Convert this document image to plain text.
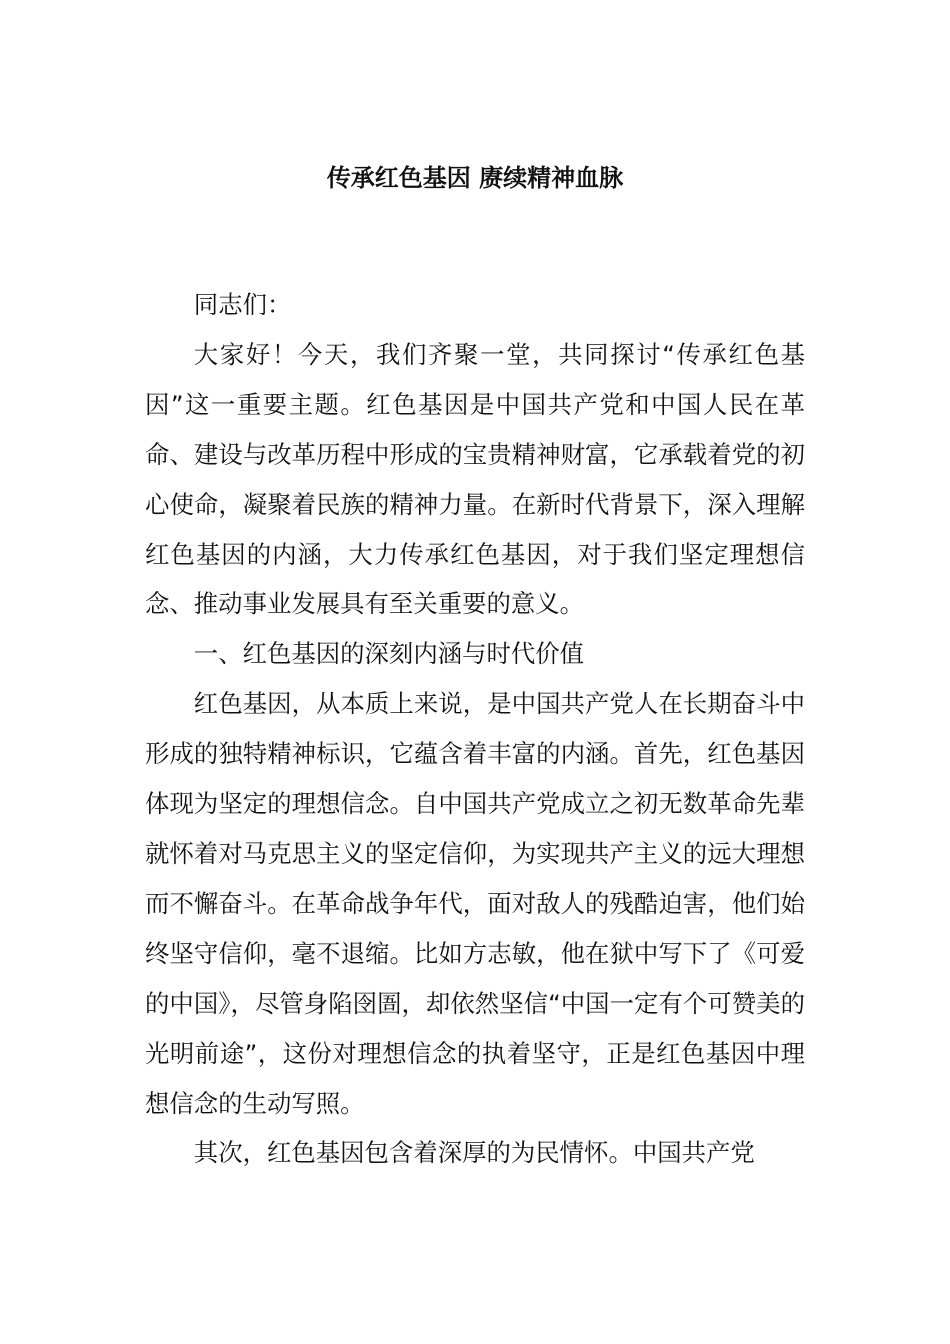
传承红色基因 赓续精神血脉

同志们：

大家好！今天，我们齐聚一堂，共同探讨“传承红色基因”这一重要主题。红色基因是中国共产党和中国人民在革命、建设与改革历程中形成的宝贵精神财富，它承载着党的初心使命，凝聚着民族的精神力量。在新时代背景下，深入理解红色基因的内涵，大力传承红色基因，对于我们坚定理想信念、推动事业发展具有至关重要的意义。

一、红色基因的深刻内涵与时代价值

红色基因，从本质上来说，是中国共产党人在长期奋斗中形成的独特精神标识，它蕴含着丰富的内涵。首先，红色基因体现为坚定的理想信念。自中国共产党成立之初无数革命先辈就怀着对马克思主义的坚定信仰，为实现共产主义的远大理想而不懈奋斗。在革命战争年代，面对敌人的残酷迫害，他们始终坚守信仰，毫不退缩。比如方志敏，他在狱中写下了《可爱的中国》，尽管身陷囹圄，却依然坚信“中国一定有个可赞美的光明前途”，这份对理想信念的执着坚守，正是红色基因中理想信念的生动写照。

其次，红色基因包含着深厚的为民情怀。中国共产党
